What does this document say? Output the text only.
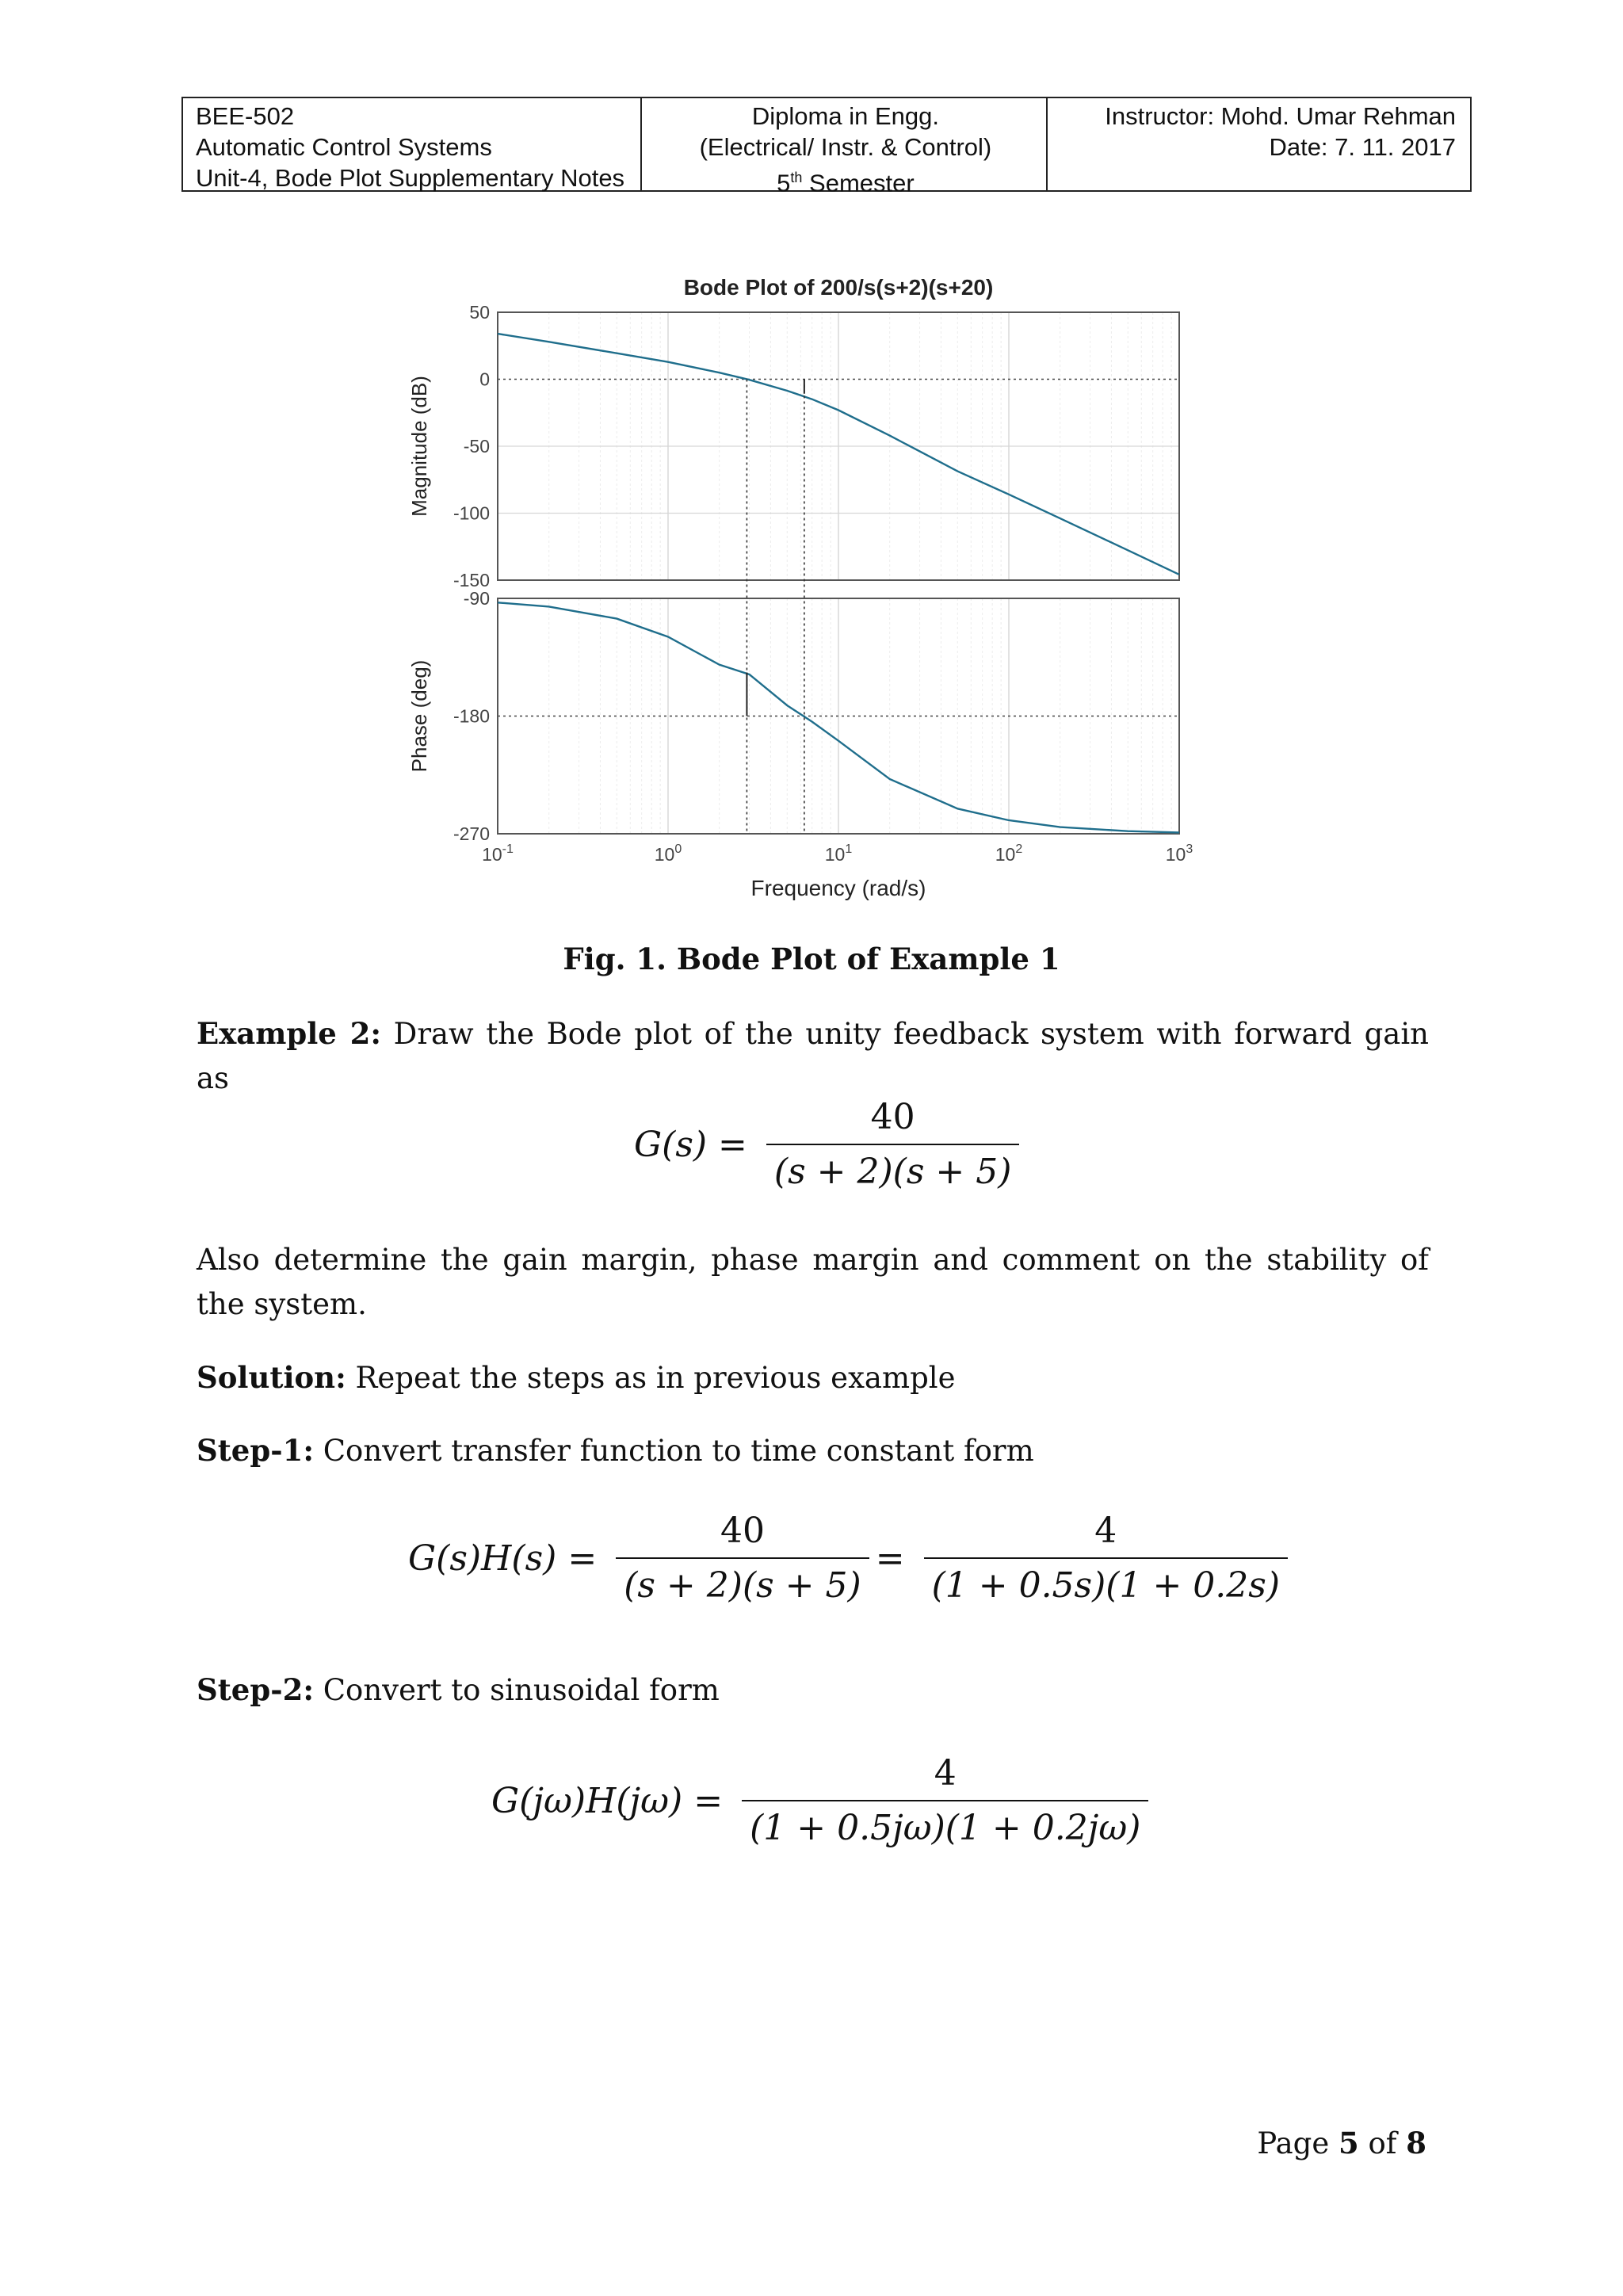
BEE-502
Automatic Control Systems
Unit-4, Bode Plot Supplementary Notes
Diploma in Engg.
(Electrical/ Instr. & Control)
5th Semester
Instructor: Mohd. Umar Rehman
Date: 7. 11. 2017
50
0
-50
-100
-150
-90
-180
-270
$10^{-1}$	$10^0$	$10^1$	$10^2$	$10^3$
Bode Plot of 200/s(s+2)(s+20)
Frequency (rad/s)
Magnitude (dB)
Phase (deg)
Fig. 1. Bode Plot of Example 1
Example 2: Draw the Bode plot of the unity feedback system with forward gain as
$G(s) = \frac{40}{(s + 2)(s + 5)}$
Also determine the gain margin, phase margin and comment on the stability of the system.
Solution: Repeat the steps as in previous example
Step-1: Convert transfer function to time constant form
$G(s)H(s) = \frac{40}{(s + 2)(s + 5)} = \frac{4}{(1 + 0.5s)(1 + 0.2s)}$
Step-2: Convert to sinusoidal form
$G(j\omega)H(j\omega) = \frac{4}{(1 + 0.5j\omega)(1 + 0.2j\omega)}$
Page 5 of 8
